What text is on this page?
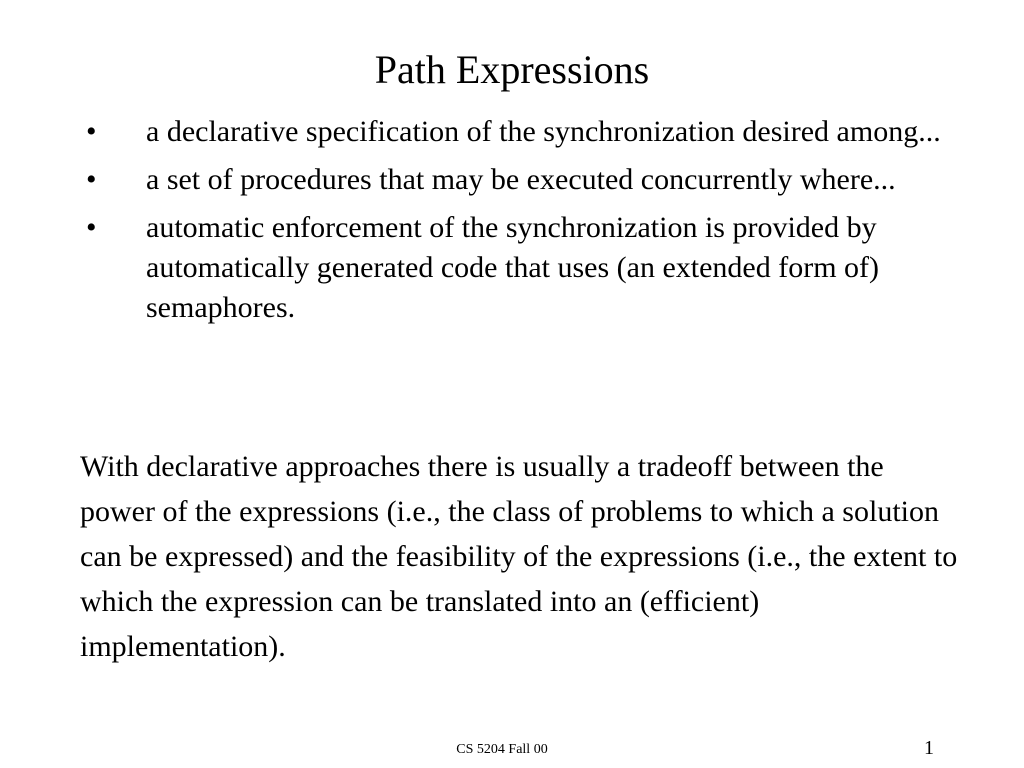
Path Expressions
• a declarative specification of the synchronization desired among...
• a set of procedures that may be executed concurrently where...
• automatic enforcement of the synchronization is provided by automatically generated code that uses (an extended form of) semaphores.

With declarative approaches there is usually a tradeoff between the power of the expressions (i.e., the class of problems to which a solution can be expressed) and the feasibility of the expressions (i.e., the extent to which the expression can be translated into an (efficient) implementation).

CS 5204 Fall 00	1
